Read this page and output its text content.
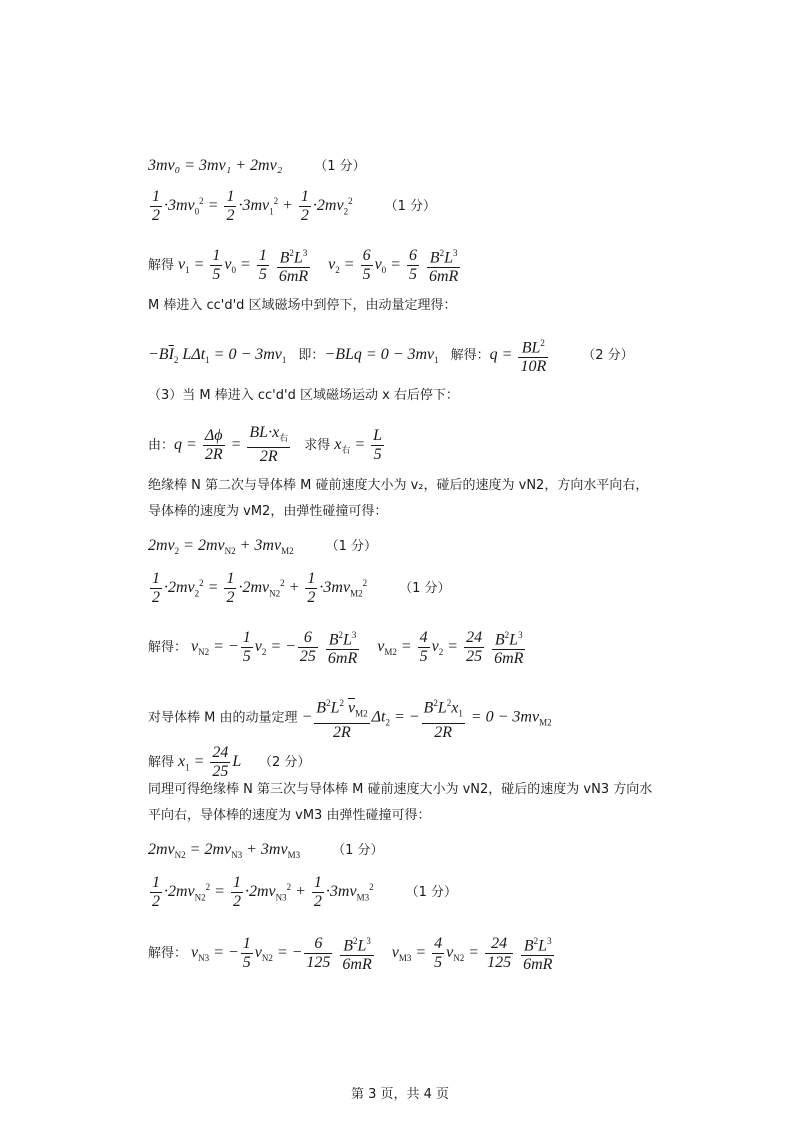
3mv₀ = 3mv₁ + 2mv₂ （1 分）
$\frac{1}{2} \cdot 3mv_0^2 = \frac{1}{2} \cdot 3mv_1^2 + \frac{1}{2} \cdot 2mv_2^2$ （1 分）
解得 $v_1 = \frac{1}{5} v_0 = \frac{1}{5}$
$\frac{B^2L^3}{6mR} v_2 = \frac{6}{5} v_0 = \frac{6}{5}$
$\frac{B^2L^3}{6mR}$
M 棒进入 cc'd'd 区域磁场中到停下，由动量定理得：
$-B\overline{I}_2$ $L\Delta t_1 = 0 - 3mv_1$ 即：$-BLq = 0 - 3mv_1$ 解得：$q = \frac{BL^2}{10R}$	（2 分）
（3）当 M 棒进入 cc'd'd 区域磁场运动 x 右后停下：
由：$q = \frac{\Delta\phi}{2R} = \frac{BL\cdot x_右}{2R}$ 求得 $x_右 = \frac{L}{5}$
绝缘棒 N 第二次与导体棒 M 碰前速度大小为 v₂，碰后的速度为 vN2，方向水平向右，
导体棒的速度为 vM2，由弹性碰撞可得：
$2mv_2 = 2mv_{N2} + 3mv_{M2}$ （1 分）
$\frac{1}{2} \cdot 2mv_2^2 = \frac{1}{2} \cdot 2mv_{N2}^2 + \frac{1}{2} \cdot 3mv_{M2}^2$ （1 分）
解得： $v_{N2}$ = − $\frac{1}{5} v_2$ = − $\frac{6}{25}$
$\frac{B^2L^3}{6mR} v_{M2} = \frac{4}{5} v_2 = \frac{24}{25}$
$\frac{B^2L^3}{6mR}$
对导体棒 M 由的动量定理 − $\frac{B^2L^2 \overline{v}_{M2}}{2R} \Delta t_2$ = − $\frac{B^2L^2x_1}{2R} = 0 - 3mv_{M2}$
解得 $x_1 = \frac{24}{25}$ L （2 分）
同理可得绝缘棒 N 第三次与导体棒 M 碰前速度大小为 vN2，碰后的速度为 vN3 方向水
平向右，导体棒的速度为 vM3 由弹性碰撞可得：
$2mv_{N2} = 2mv_{N3} + 3mv_{M3}$ （1 分）
$\frac{1}{2} \cdot 2mv_{N2}^2 = \frac{1}{2} \cdot 2mv_{N3}^2 + \frac{1}{2} \cdot 3mv_{M3}^2$ （1 分）
解得： $v_{N3}$ = − $\frac{1}{5} v_{N2}$ = − $\frac{6}{125}$
$\frac{B^2L^3}{6mR} v_{M3} = \frac{4}{5} v_{N2} = \frac{24}{125}$
$\frac{B^2L^3}{6mR}$
第 3 页，共 4 页
